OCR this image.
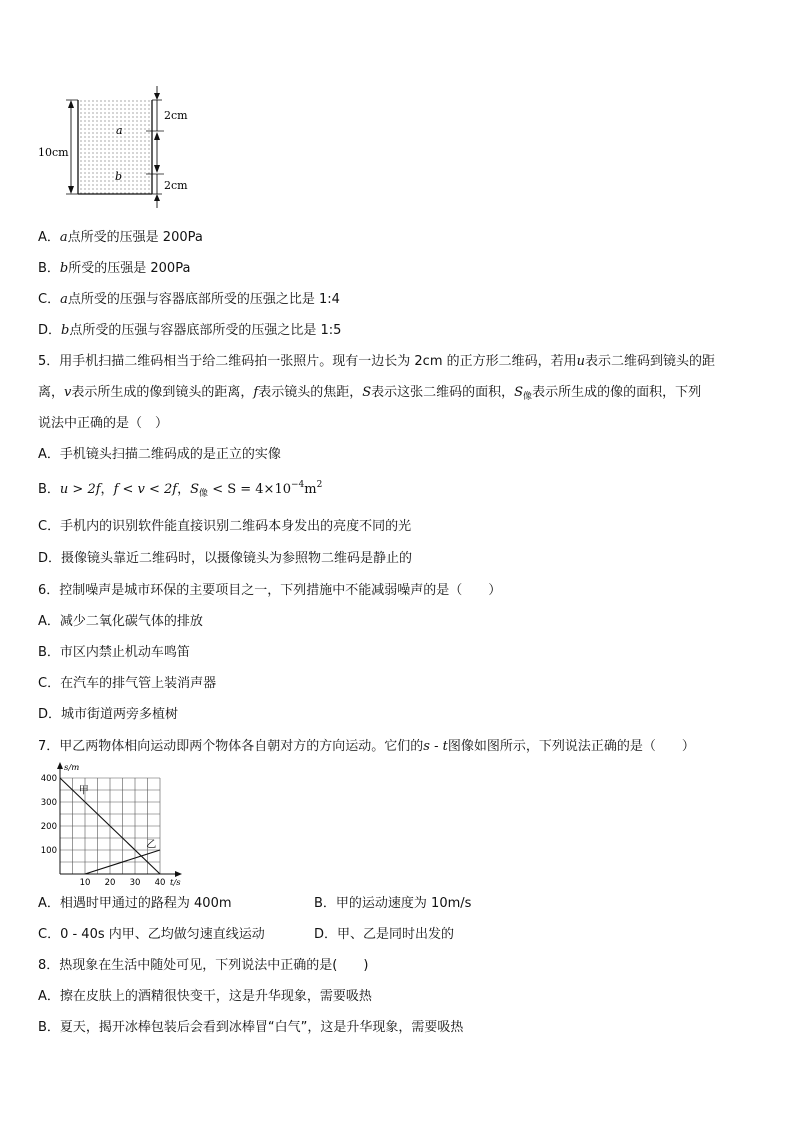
10cm
2cm
2cm
a
b
A．a点所受的压强是 200Pa
B．b所受的压强是 200Pa
C．a点所受的压强与容器底部所受的压强之比是 1:4
D．b点所受的压强与容器底部所受的压强之比是 1:5
5．用手机扫描二维码相当于给二维码拍一张照片。现有一边长为 2cm 的正方形二维码，若用u表示二维码到镜头的距
离，v表示所生成的像到镜头的距离，f表示镜头的焦距，S表示这张二维码的面积，$S_像$表示所生成的像的面积，下列
说法中正确的是（　）
A．手机镜头扫描二维码成的是正立的实像
B．u > 2f，f < v < 2f，$S_像 < S = 4\times 10^{-4}m^2$
C．手机内的识别软件能直接识别二维码本身发出的亮度不同的光
D．摄像镜头靠近二维码时，以摄像镜头为参照物二维码是静止的
6．控制噪声是城市环保的主要项目之一，下列措施中不能减弱噪声的是（　　）
A．减少二氧化碳气体的排放
B．市区内禁止机动车鸣笛
C．在汽车的排气管上装消声器
D．城市街道两旁多植树
7．甲乙两物体相向运动即两个物体各自朝对方的方向运动。它们的s - t图像如图所示，下列说法正确的是（　　）
10 20 30 40
100
200
300
400
t/s
s/m
甲
乙
A．相遇时甲通过的路程为 400m	B．甲的运动速度为 10m/s
C．0 - 40s 内甲、乙均做匀速直线运动	D．甲、乙是同时出发的
8．热现象在生活中随处可见，下列说法中正确的是(　　)
A．擦在皮肤上的酒精很快变干，这是升华现象，需要吸热
B．夏天，揭开冰棒包装后会看到冰棒冒“白气”，这是升华现象，需要吸热
